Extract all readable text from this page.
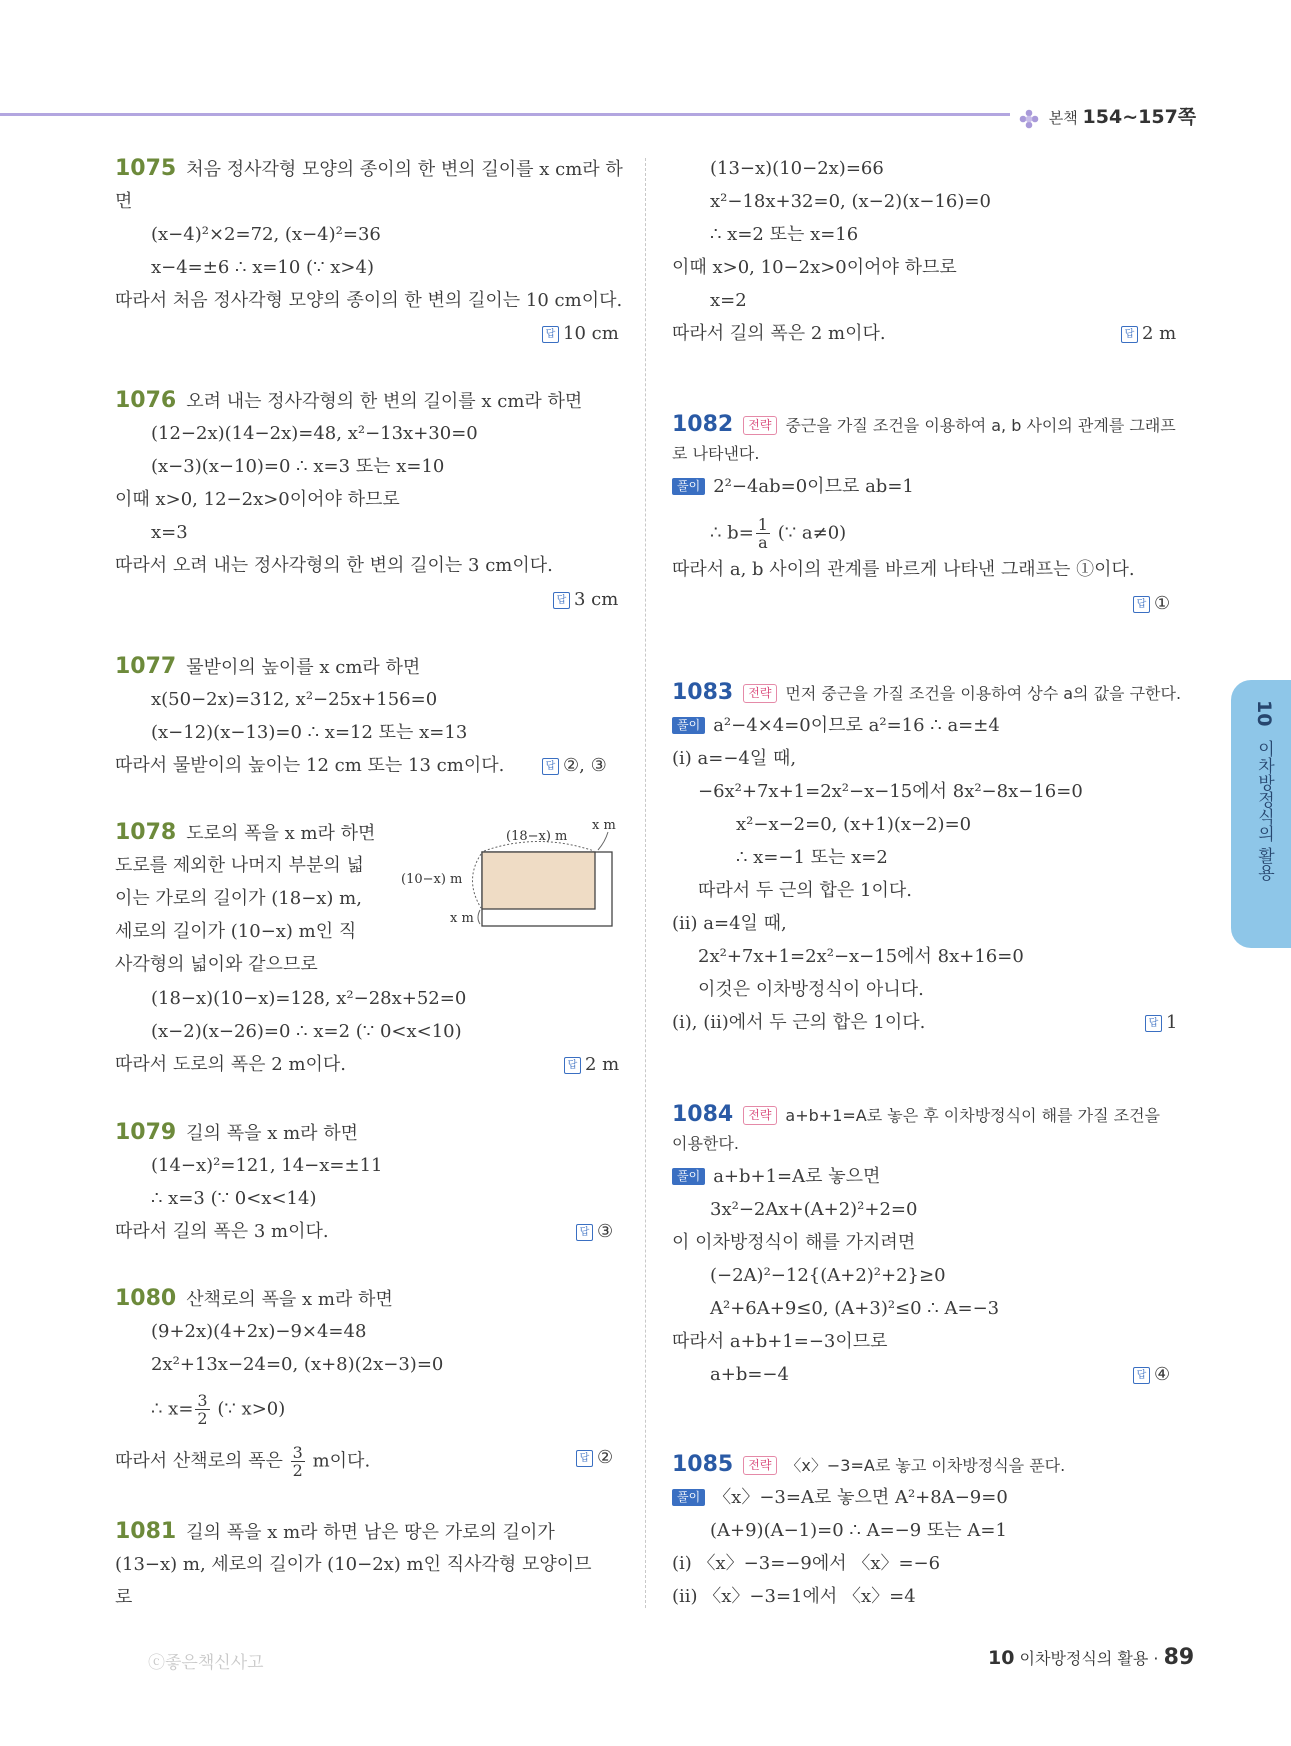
본책 154~157쪽
1075 처음 정사각형 모양의 종이의 한 변의 길이를 x cm라 하
면
(x−4)²×2=72, (x−4)²=36
x−4=±6 ∴ x=10 (∵ x>4)
따라서 처음 정사각형 모양의 종이의 한 변의 길이는 10 cm이다.
답 10 cm
1076 오려 내는 정사각형의 한 변의 길이를 x cm라 하면
(12−2x)(14−2x)=48, x²−13x+30=0
(x−3)(x−10)=0 ∴ x=3 또는 x=10
이때 x>0, 12−2x>0이어야 하므로
x=3
따라서 오려 내는 정사각형의 한 변의 길이는 3 cm이다.
답 3 cm
1077 물받이의 높이를 x cm라 하면
x(50−2x)=312, x²−25x+156=0
(x−12)(x−13)=0 ∴ x=12 또는 x=13
따라서 물받이의 높이는 12 cm 또는 13 cm이다.	답 ②, ③
1078 도로의 폭을 x m라 하면
도로를 제외한 나머지 부분의 넓
이는 가로의 길이가 (18−x) m,
세로의 길이가 (10−x) m인 직
사각형의 넓이와 같으므로
(18−x)(10−x)=128, x²−28x+52=0
(x−2)(x−26)=0 ∴ x=2 (∵ 0<x<10)
따라서 도로의 폭은 2 m이다.	답 2 m
(18−x) m
x m
(10−x) m
x m
1079 길의 폭을 x m라 하면
(14−x)²=121, 14−x=±11
∴ x=3 (∵ 0<x<14)
따라서 길의 폭은 3 m이다.	답 ③
1080 산책로의 폭을 x m라 하면
(9+2x)(4+2x)−9×4=48
2x²+13x−24=0, (x+8)(2x−3)=0
∴ $x= \frac{3}{2}$ (∵ x>0)
따라서 산책로의 폭은 $\frac{3}{2}$ m이다.	답 ②
1081 길의 폭을 x m라 하면 남은 땅은 가로의 길이가
(13−x) m, 세로의 길이가 (10−2x) m인 직사각형 모양이므
로
(13−x)(10−2x)=66
x²−18x+32=0, (x−2)(x−16)=0
∴ x=2 또는 x=16
이때 x>0, 10−2x>0이어야 하므로
x=2
따라서 길의 폭은 2 m이다.	답 2 m
1082 전략 중근을 가질 조건을 이용하여 a, b 사이의 관계를 그래프
로 나타낸다.
풀이 2²−4ab=0이므로 ab=1
∴ $b= \frac{1}{a}$ (∵ a≠0)
따라서 a, b 사이의 관계를 바르게 나타낸 그래프는 ①이다.
답 ①
1083 전략 먼저 중근을 가질 조건을 이용하여 상수 a의 값을 구한다.
풀이 a²−4×4=0이므로 a²=16 ∴ a=±4
(ⅰ) a=−4일 때,
−6x²+7x+1=2x²−x−15에서 8x²−8x−16=0
x²−x−2=0, (x+1)(x−2)=0
∴ x=−1 또는 x=2
따라서 두 근의 합은 1이다.
(ⅱ) a=4일 때,
2x²+7x+1=2x²−x−15에서 8x+16=0
이것은 이차방정식이 아니다.
(ⅰ), (ⅱ)에서 두 근의 합은 1이다.	답 1
1084 전략 a+b+1=A로 놓은 후 이차방정식이 해를 가질 조건을
이용한다.
풀이 a+b+1=A로 놓으면
3x²−2Ax+(A+2)²+2=0
이 이차방정식이 해를 가지려면
(−2A)²−12{(A+2)²+2}≥0
A²+6A+9≤0, (A+3)²≤0 ∴ A=−3
따라서 a+b+1=−3이므로
a+b=−4	답 ④
1085 전략 〈x〉−3=A로 놓고 이차방정식을 푼다.
풀이 〈x〉−3=A로 놓으면 A²+8A−9=0
(A+9)(A−1)=0 ∴ A=−9 또는 A=1
(ⅰ) 〈x〉−3=−9에서 〈x〉=−6
(ⅱ) 〈x〉−3=1에서 〈x〉=4
10 이차방정식의 활용
ⓒ좋은책신사고	10 이차방정식의 활용 · 89
